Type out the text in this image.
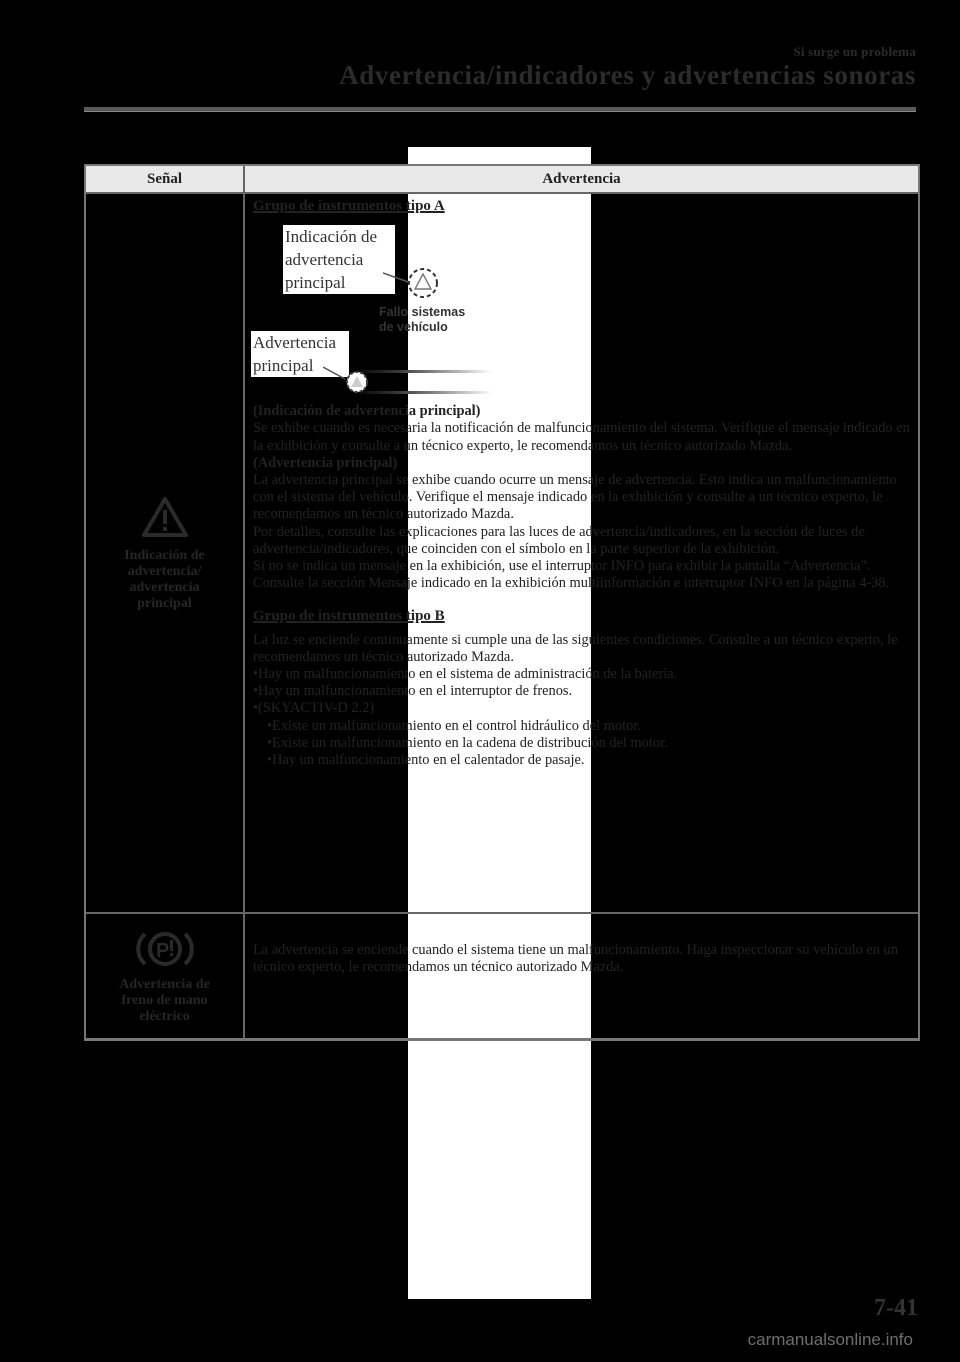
Si surge un problema
Advertencia/indicadores y advertencias sonoras
Señal	Advertencia
Indicación de advertencia/ advertencia principal
Grupo de instrumentos tipo A
Indicación de advertencia principal
Fallo sistemas de vehículo
Advertencia principal

(Indicación de advertencia principal)
Se exhibe cuando es necesaria la notificación de malfuncionamiento del sistema. Verifique el mensaje indicado en la exhibición y consulte a un técnico experto, le recomendamos un técnico autorizado Mazda.

(Advertencia principal)
La advertencia principal se exhibe cuando ocurre un mensaje de advertencia. Esto indica un malfuncionamiento con el sistema del vehículo. Verifique el mensaje indicado en la exhibición y consulte a un técnico experto, le recomendamos un técnico autorizado Mazda.

Por detalles, consulte las explicaciones para las luces de advertencia/indicadores, en la sección de luces de advertencia/indicadores, que coinciden con el símbolo en la parte superior de la exhibición.

Si no se indica un mensaje en la exhibición, use el interruptor INFO para exhibir la pantalla “Advertencia”.

Consulte la sección Mensaje indicado en la exhibición multiinformación e interruptor INFO en la página 4-38.

Grupo de instrumentos tipo B

La luz se enciende continuamente si cumple una de las siguientes condiciones. Consulte a un técnico experto, le recomendamos un técnico autorizado Mazda.

•Hay un malfuncionamiento en el sistema de administración de la batería.

•Hay un malfuncionamiento en el interruptor de frenos.

•(SKYACTIV-D 2.2)

•Existe un malfuncionamiento en el control hidráulico del motor.

•Existe un malfuncionamiento en la cadena de distribución del motor.

•Hay un malfuncionamiento en el calentador de pasaje.

P
Advertencia de freno de mano eléctrico

La advertencia se enciende cuando el sistema tiene un malfuncionamiento. Haga inspeccionar su vehículo en un técnico experto, le recomendamos un técnico autorizado Mazda.

7-41
carmanualsonline.info
